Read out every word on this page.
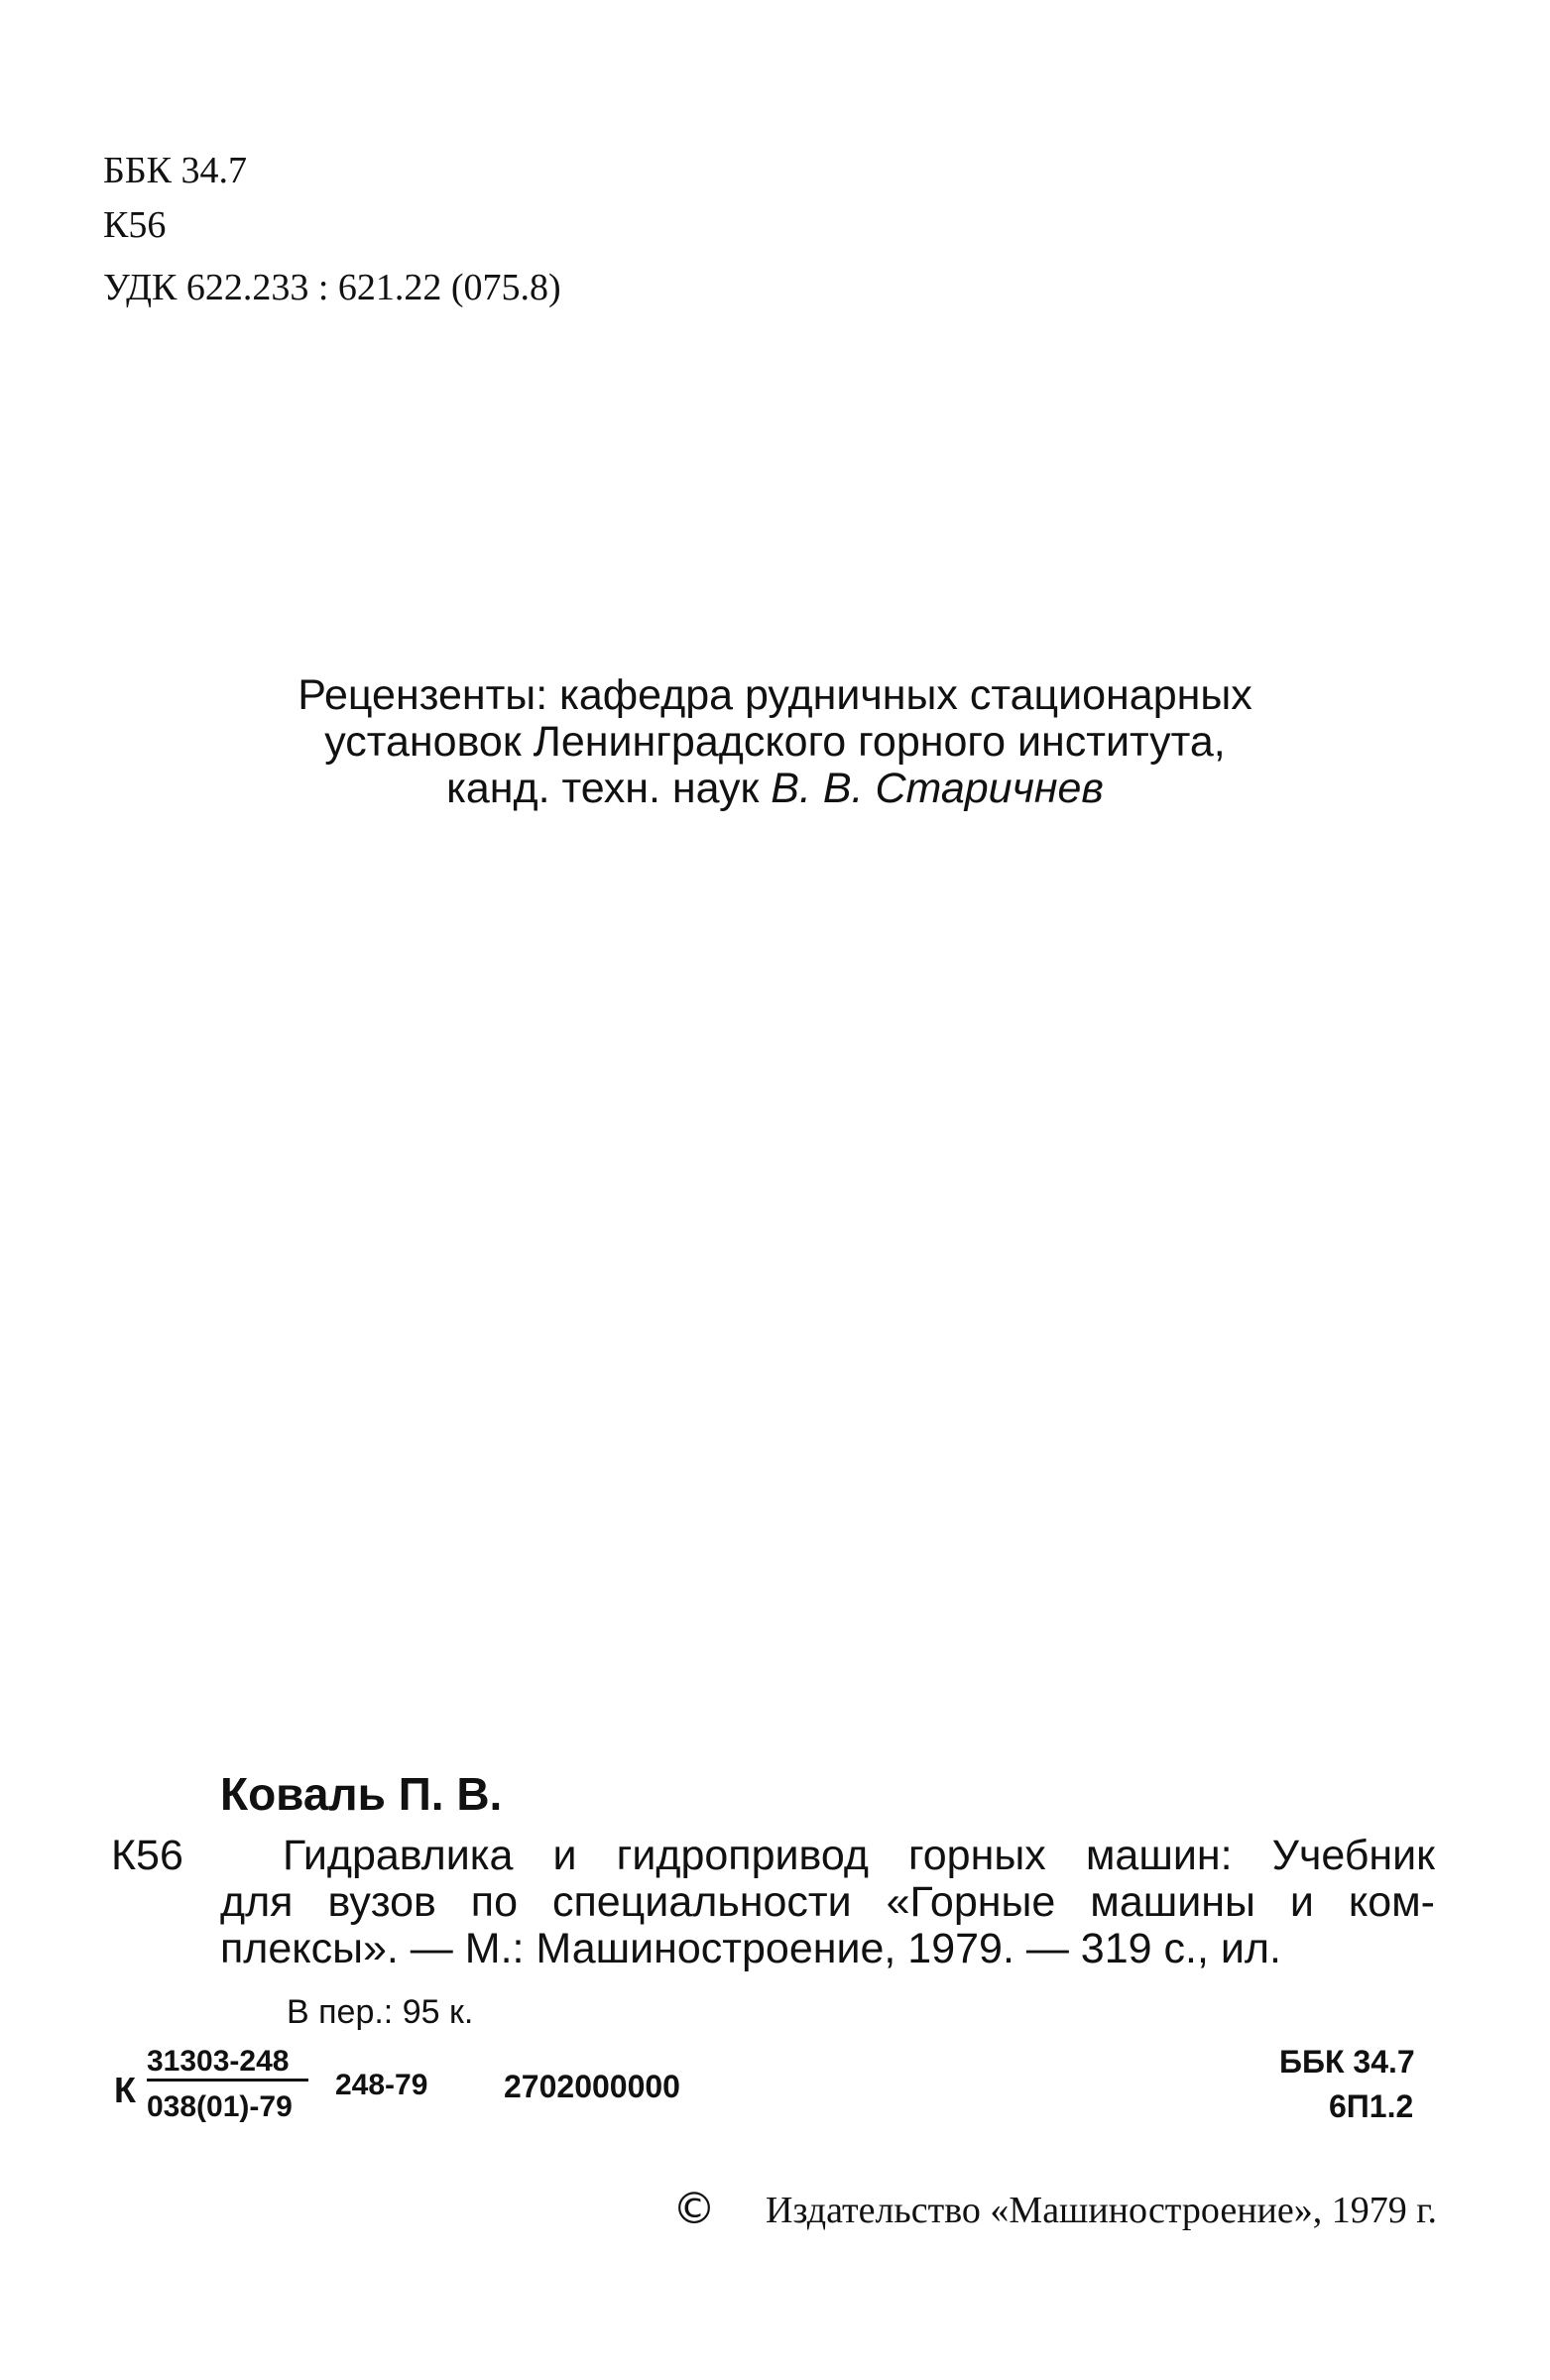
ББК 34.7
К56
УДК 622.233 : 621.22 (075.8)
Рецензенты: кафедра рудничных стационарных
установок Ленинградского горного института,
канд. техн. наук В. В. Старичнев
Коваль П. В.
К56 Гидравлика и гидропривод горных машин: Учебник
для вузов по специальности «Горные машины и ком-
плексы». — М.: Машиностроение, 1979. — 319 с., ил.
В пер.: 95 к.
К
31303-248
038(01)-79
248-79 2702000000
ББК 34.7
6П1.2
© Издательство «Машиностроение», 1979 г.
